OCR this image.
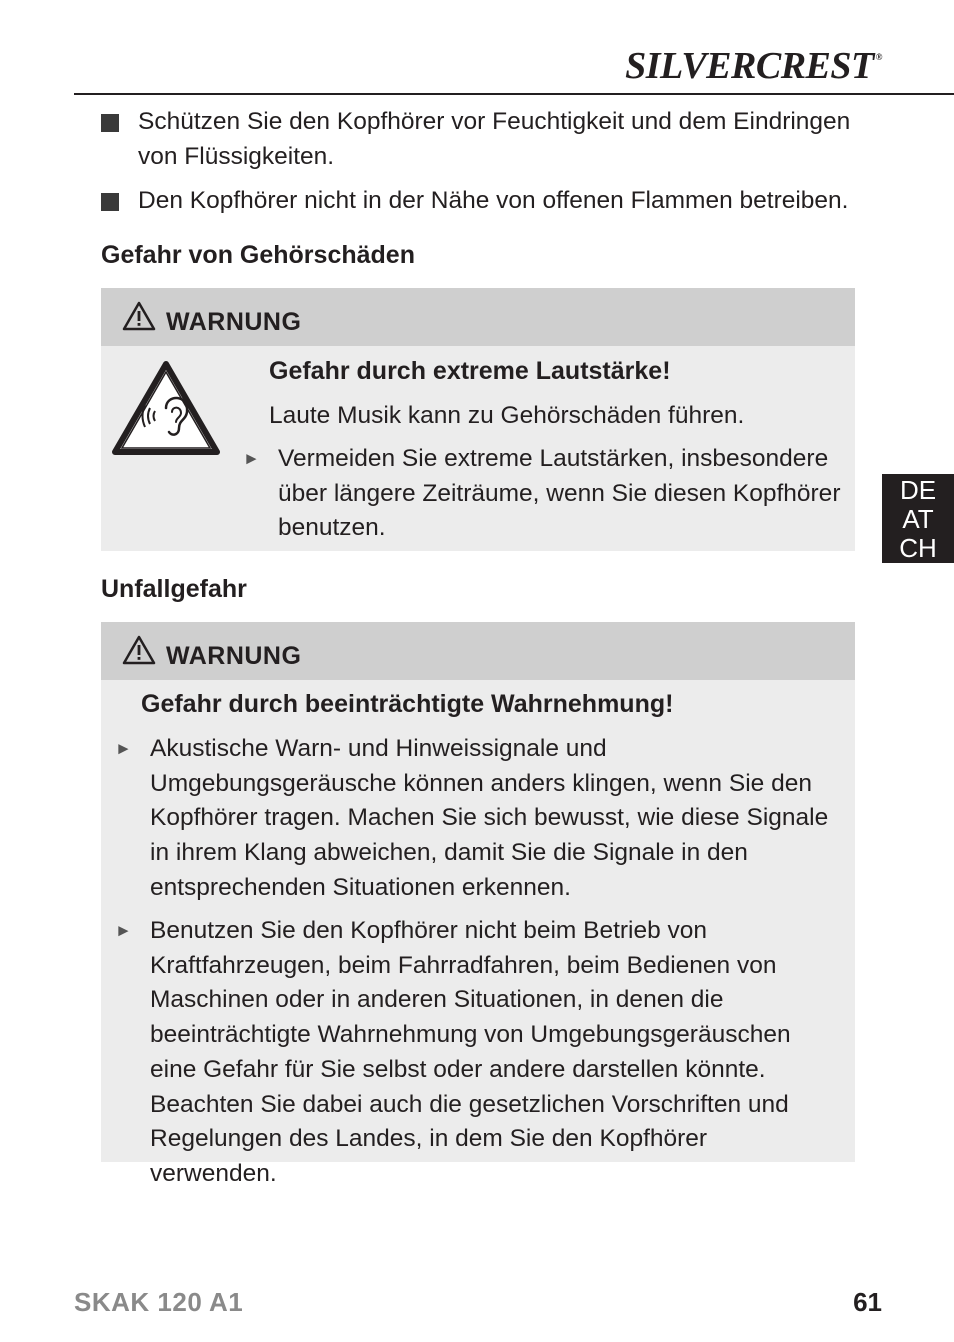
SILVERCREST ®
Schützen Sie den Kopfhörer vor Feuchtigkeit und dem Eindringen von Flüssigkeiten.
Den Kopfhörer nicht in der Nähe von offenen Flammen betreiben.
Gefahr von Gehörschäden
WARNUNG
Gefahr durch extreme Lautstärke!
Laute Musik kann zu Gehörschäden führen.
► Vermeiden Sie extreme Lautstärken, insbesondere über längere Zeiträume, wenn Sie diesen Kopfhörer benutzen.
DE
AT
CH
Unfallgefahr
WARNUNG
Gefahr durch beeinträchtigte Wahrnehmung!
► Akustische Warn- und Hinweissignale und Umgebungsgeräusche können anders klingen, wenn Sie den Kopfhörer tragen. Machen Sie sich bewusst, wie diese Signale in ihrem Klang abweichen, damit Sie die Signale in den entsprechenden Situationen erkennen.
► Benutzen Sie den Kopfhörer nicht beim Betrieb von Kraftfahrzeugen, beim Fahrradfahren, beim Bedienen von Maschinen oder in anderen Situationen, in denen die beeinträchtigte Wahrnehmung von Umgebungsgeräuschen eine Gefahr für Sie selbst oder andere darstellen könnte. Beachten Sie dabei auch die gesetzlichen Vorschriften und Regelungen des Landes, in dem Sie den Kopfhörer verwenden.
SKAK 120 A1	61
